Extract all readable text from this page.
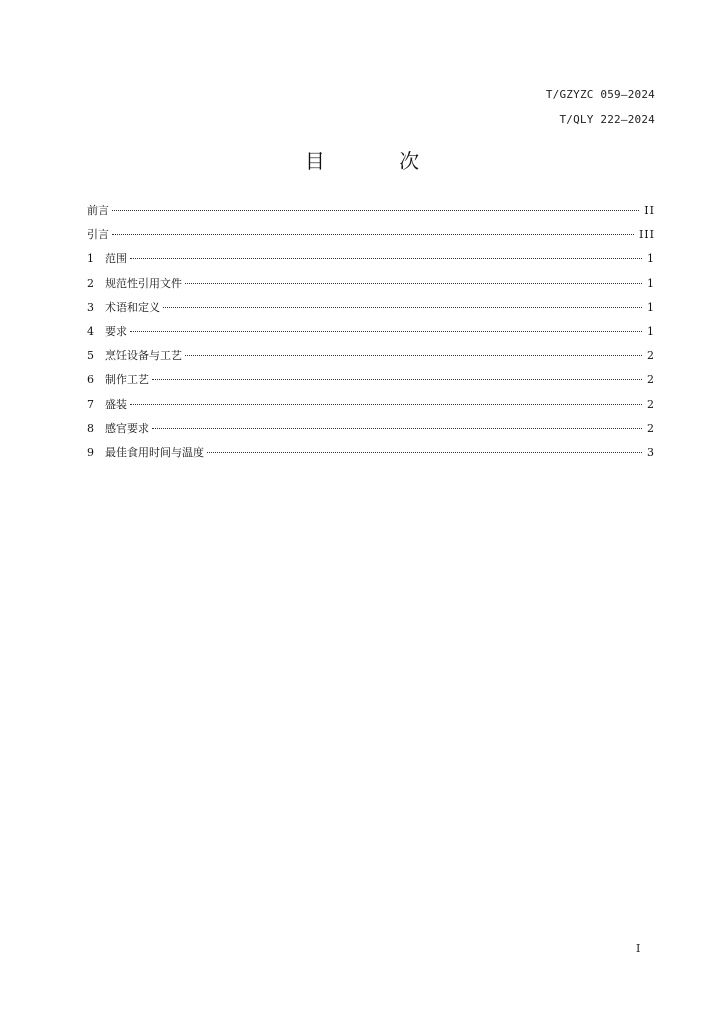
T/GZYZC 059—2024
T/QLY 222—2024
目 次
前言	II
引言	III
1	范围	1
2	规范性引用文件	1
3	术语和定义	1
4	要求	1
5	烹饪设备与工艺	2
6	制作工艺	2
7	盛装	2
8	感官要求	2
9	最佳食用时间与温度	3
I
